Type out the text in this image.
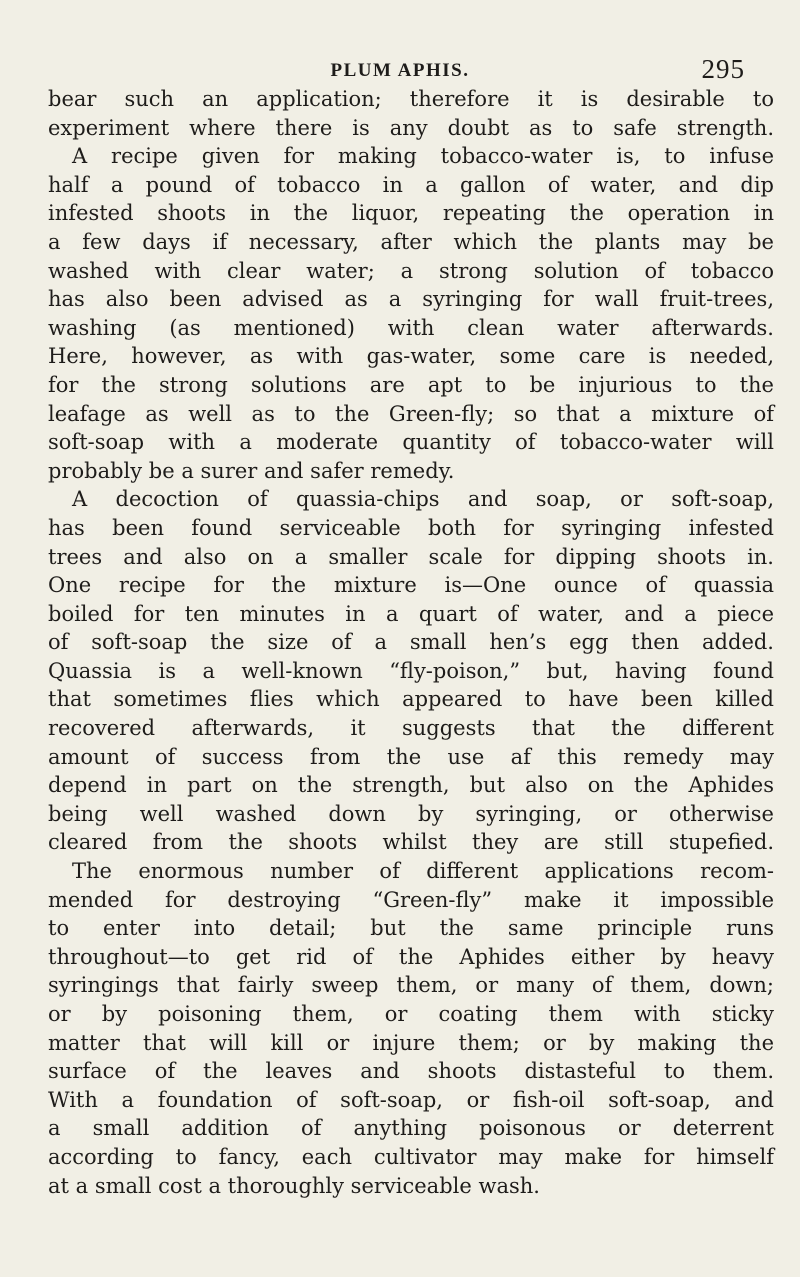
PLUM APHIS.	295
bear such an application; therefore it is desirable to
experiment where there is any doubt as to safe strength.
A recipe given for making tobacco-water is, to infuse
half a pound of tobacco in a gallon of water, and dip
infested shoots in the liquor, repeating the operation in
a few days if necessary, after which the plants may be
washed with clear water; a strong solution of tobacco
has also been advised as a syringing for wall fruit-trees,
washing (as mentioned) with clean water afterwards.
Here, however, as with gas-water, some care is needed,
for the strong solutions are apt to be injurious to the
leafage as well as to the Green-fly; so that a mixture of
soft-soap with a moderate quantity of tobacco-water will
probably be a surer and safer remedy.
A decoction of quassia-chips and soap, or soft-soap,
has been found serviceable both for syringing infested
trees and also on a smaller scale for dipping shoots in.
One recipe for the mixture is—One ounce of quassia
boiled for ten minutes in a quart of water, and a piece
of soft-soap the size of a small hen’s egg then added.
Quassia is a well-known “fly-poison,” but, having found
that sometimes flies which appeared to have been killed
recovered afterwards, it suggests that the different
amount of success from the use af this remedy may
depend in part on the strength, but also on the Aphides
being well washed down by syringing, or otherwise
cleared from the shoots whilst they are still stupefied.
The enormous number of different applications recom-
mended for destroying “Green-fly” make it impossible
to enter into detail; but the same principle runs
throughout—to get rid of the Aphides either by heavy
syringings that fairly sweep them, or many of them, down;
or by poisoning them, or coating them with sticky
matter that will kill or injure them; or by making the
surface of the leaves and shoots distasteful to them.
With a foundation of soft-soap, or fish-oil soft-soap, and
a small addition of anything poisonous or deterrent
according to fancy, each cultivator may make for himself
at a small cost a thoroughly serviceable wash.
